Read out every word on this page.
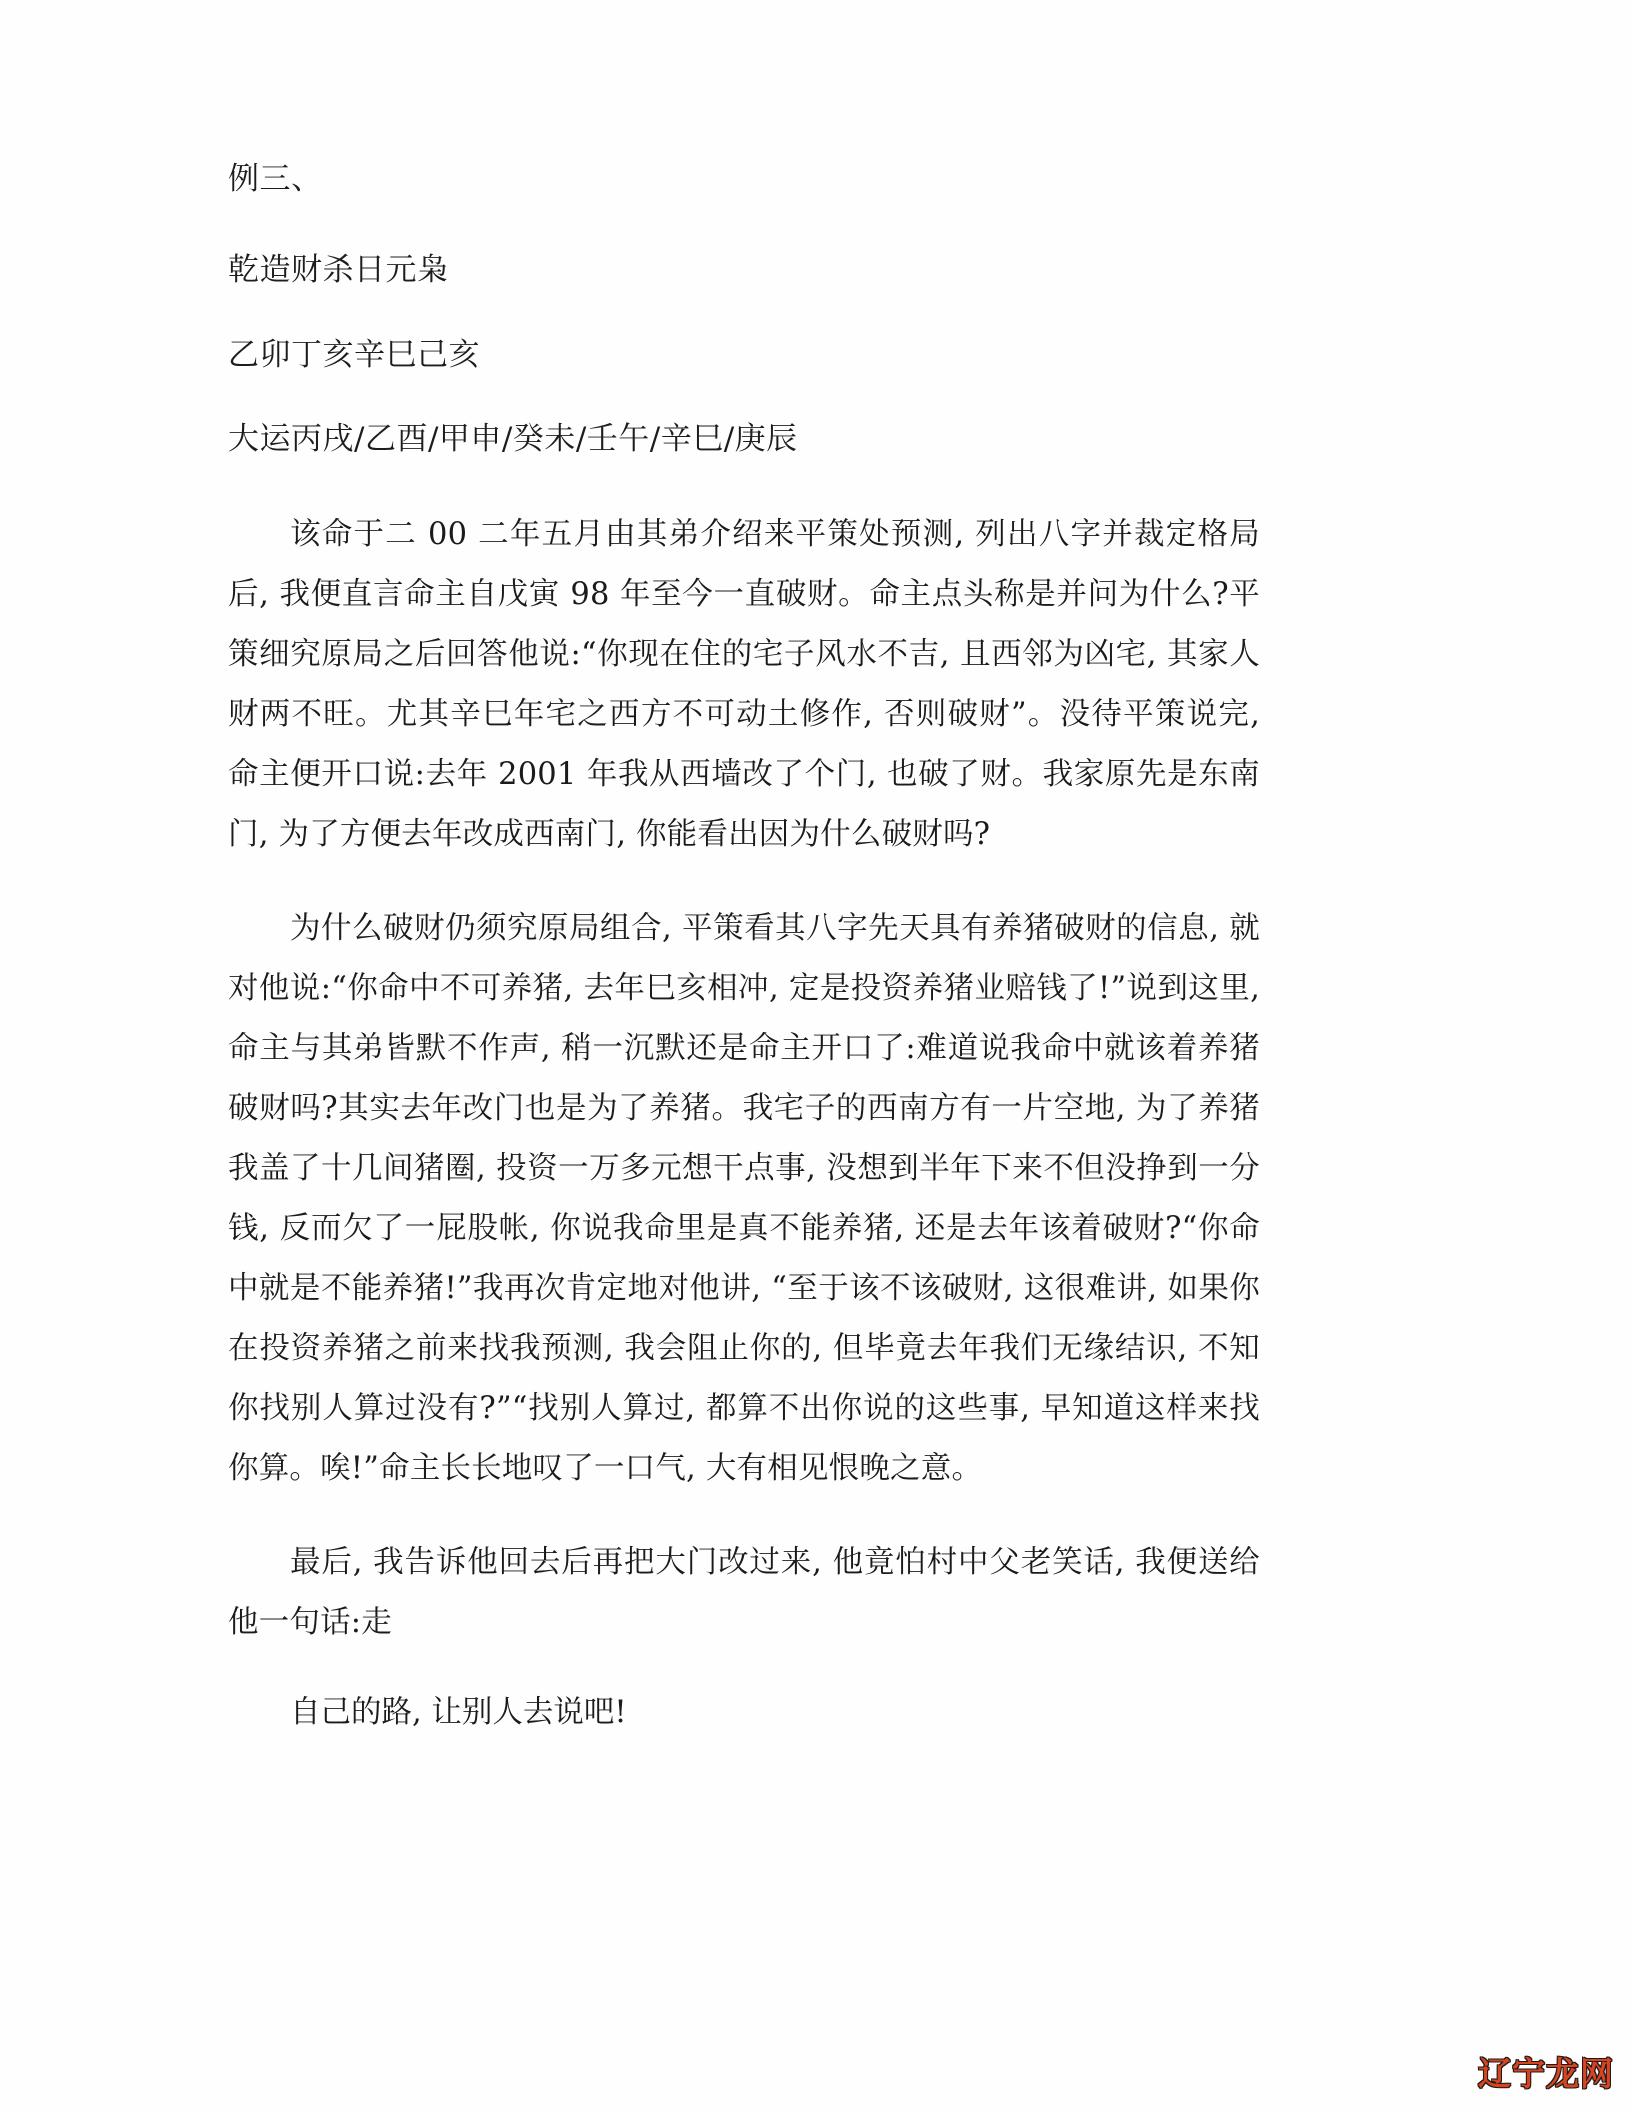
例三、

乾造财杀日元枭

乙卯丁亥辛巳己亥

大运丙戌/乙酉/甲申/癸未/壬午/辛巳/庚辰

该命于二 00 二年五月由其弟介绍来平策处预测, 列出八字并裁定格局后, 我便直言命主自戊寅 98 年至今一直破财。命主点头称是并问为什么?平策细究原局之后回答他说:“你现在住的宅子风水不吉, 且西邻为凶宅, 其家人财两不旺。尤其辛巳年宅之西方不可动土修作, 否则破财”。没待平策说完, 命主便开口说:去年 2001 年我从西墙改了个门, 也破了财。我家原先是东南门, 为了方便去年改成西南门, 你能看出因为什么破财吗?

为什么破财仍须究原局组合, 平策看其八字先天具有养猪破财的信息, 就对他说:“你命中不可养猪, 去年巳亥相冲, 定是投资养猪业赔钱了!”说到这里, 命主与其弟皆默不作声, 稍一沉默还是命主开口了:难道说我命中就该着养猪破财吗?其实去年改门也是为了养猪。我宅子的西南方有一片空地, 为了养猪我盖了十几间猪圈, 投资一万多元想干点事, 没想到半年下来不但没挣到一分钱, 反而欠了一屁股帐, 你说我命里是真不能养猪, 还是去年该着破财?“你命中就是不能养猪!”我再次肯定地对他讲, “至于该不该破财, 这很难讲, 如果你在投资养猪之前来找我预测, 我会阻止你的, 但毕竟去年我们无缘结识, 不知你找别人算过没有?”“找别人算过, 都算不出你说的这些事, 早知道这样来找你算。唉!”命主长长地叹了一口气, 大有相见恨晚之意。

最后, 我告诉他回去后再把大门改过来, 他竟怕村中父老笑话, 我便送给他一句话:走

自己的路, 让别人去说吧!

辽宁龙网
